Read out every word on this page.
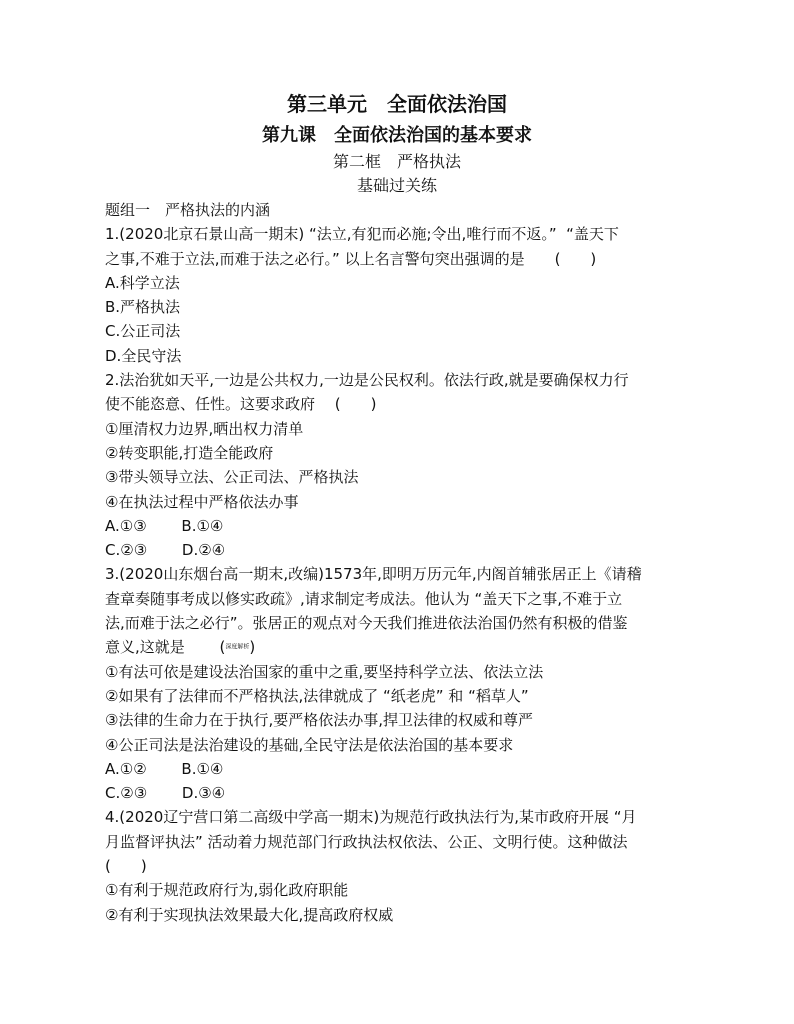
第三单元　全面依法治国
第九课　全面依法治国的基本要求
第二框　严格执法
基础过关练
题组一　严格执法的内涵
1.(2020北京石景山高一期末) “法立,有犯而必施;令出,唯行而不返。”  “盖天下
之事,不难于立法,而难于法之必行。” 以上名言警句突出强调的是　　(　　)
A.科学立法
B.严格执法
C.公正司法
D.全民守法
2.法治犹如天平,一边是公共权力,一边是公民权利。依法行政,就是要确保权力行
使不能恣意、任性。这要求政府　 (　　)
①厘清权力边界,晒出权力清单
②转变职能,打造全能政府
③带头领导立法、公正司法、严格执法
④在执法过程中严格依法办事
A.①③　　 B.①④
C.②③　　 D.②④
3.(2020山东烟台高一期末,改编)1573年,即明万历元年,内阁首辅张居正上《请稽
查章奏随事考成以修实政疏》,请求制定考成法。他认为 “盖天下之事,不难于立
法,而难于法之必行”。张居正的观点对今天我们推进依法治国仍然有积极的借鉴
意义,这就是　　 (深度解析)
①有法可依是建设法治国家的重中之重,要坚持科学立法、依法立法
②如果有了法律而不严格执法,法律就成了 “纸老虎” 和 “稻草人”
③法律的生命力在于执行,要严格依法办事,捍卫法律的权威和尊严
④公正司法是法治建设的基础,全民守法是依法治国的基本要求
A.①②　　 B.①④
C.②③　　 D.③④
4.(2020辽宁营口第二高级中学高一期末)为规范行政执法行为,某市政府开展 “月
月监督评执法” 活动着力规范部门行政执法权依法、公正、文明行使。这种做法
(　　)
①有利于规范政府行为,弱化政府职能
②有利于实现执法效果最大化,提高政府权威
